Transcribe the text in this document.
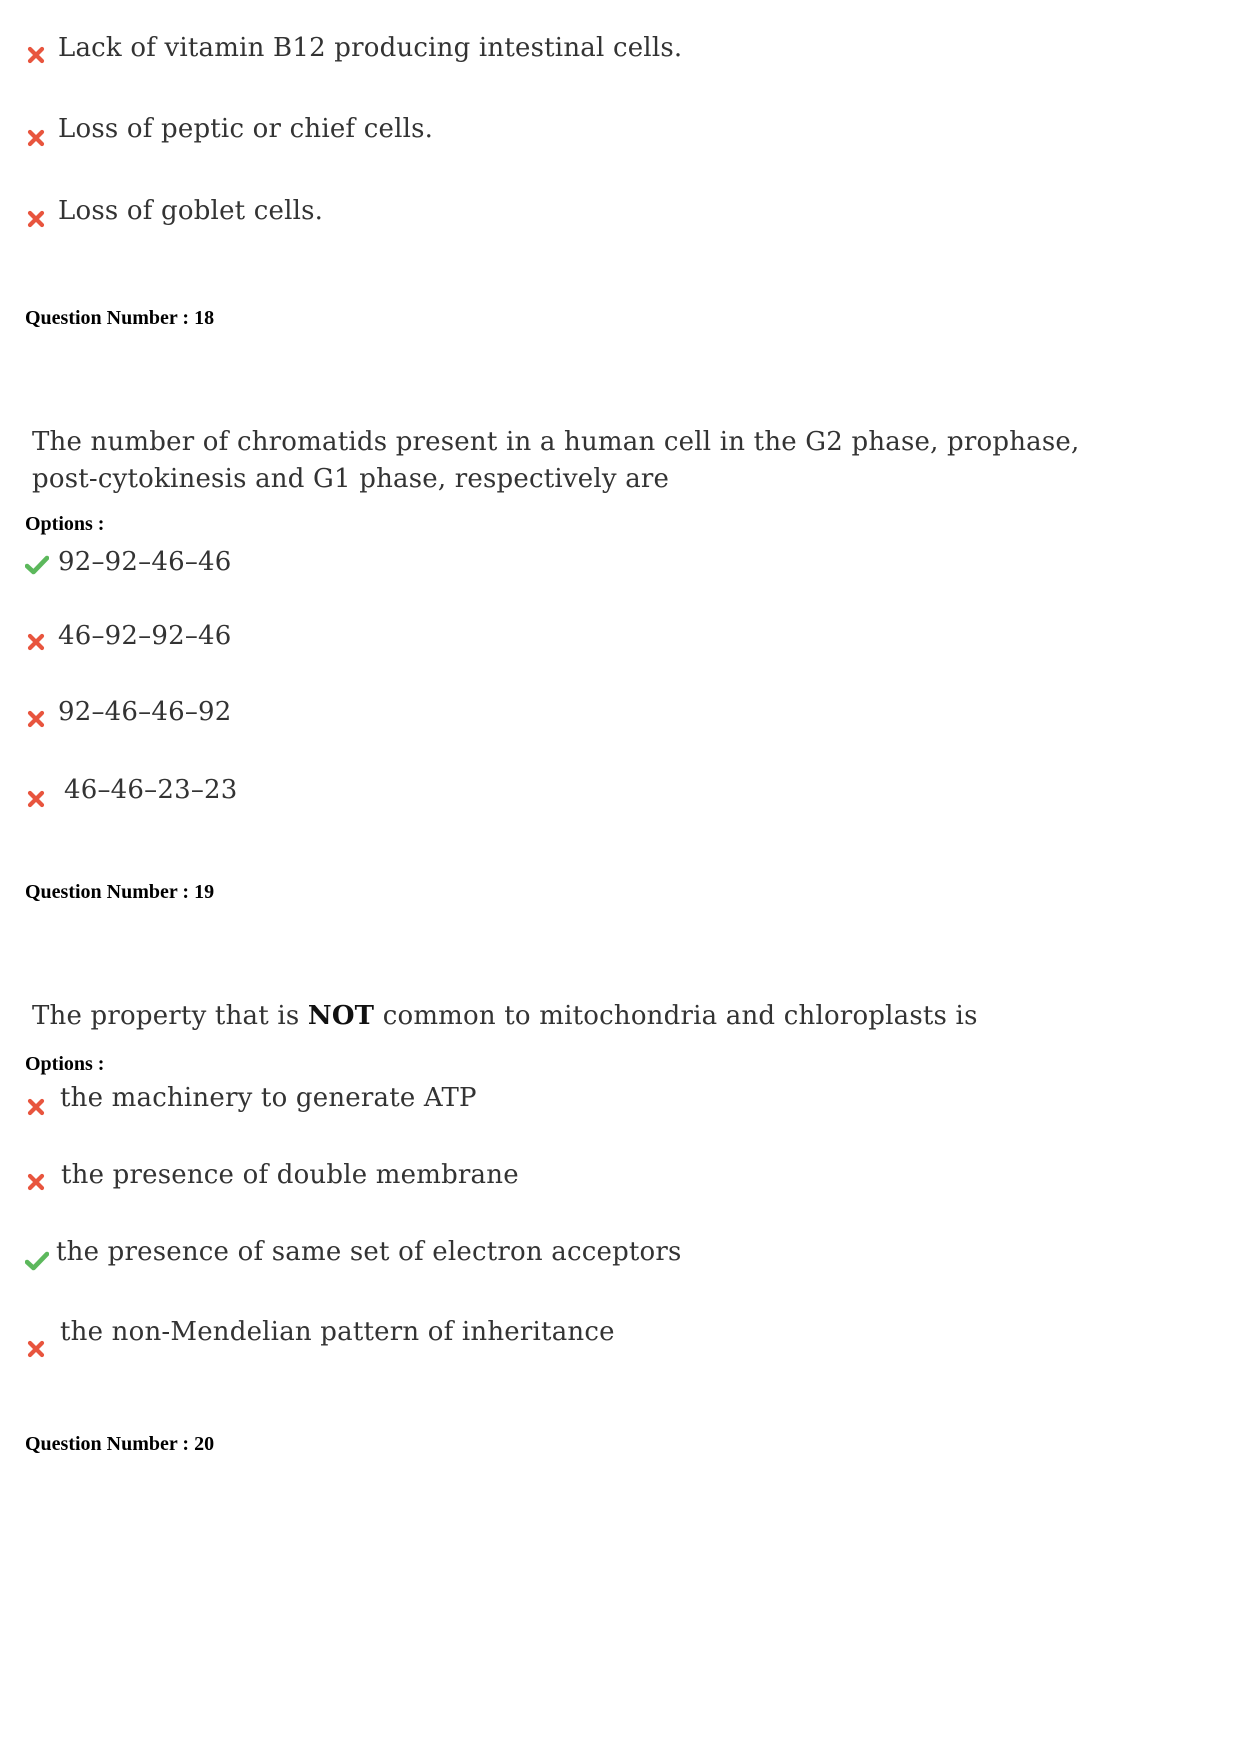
Lack of vitamin B12 producing intestinal cells.
Loss of peptic or chief cells.
Loss of goblet cells.
Question Number : 18
The number of chromatids present in a human cell in the G2 phase, prophase,
post-cytokinesis and G1 phase, respectively are
Options :
92–92–46–46
46–92–92–46
92–46–46–92
46–46–23–23
Question Number : 19
The property that is NOT common to mitochondria and chloroplasts is
Options :
the machinery to generate ATP
the presence of double membrane
the presence of same set of electron acceptors
the non-Mendelian pattern of inheritance
Question Number : 20
